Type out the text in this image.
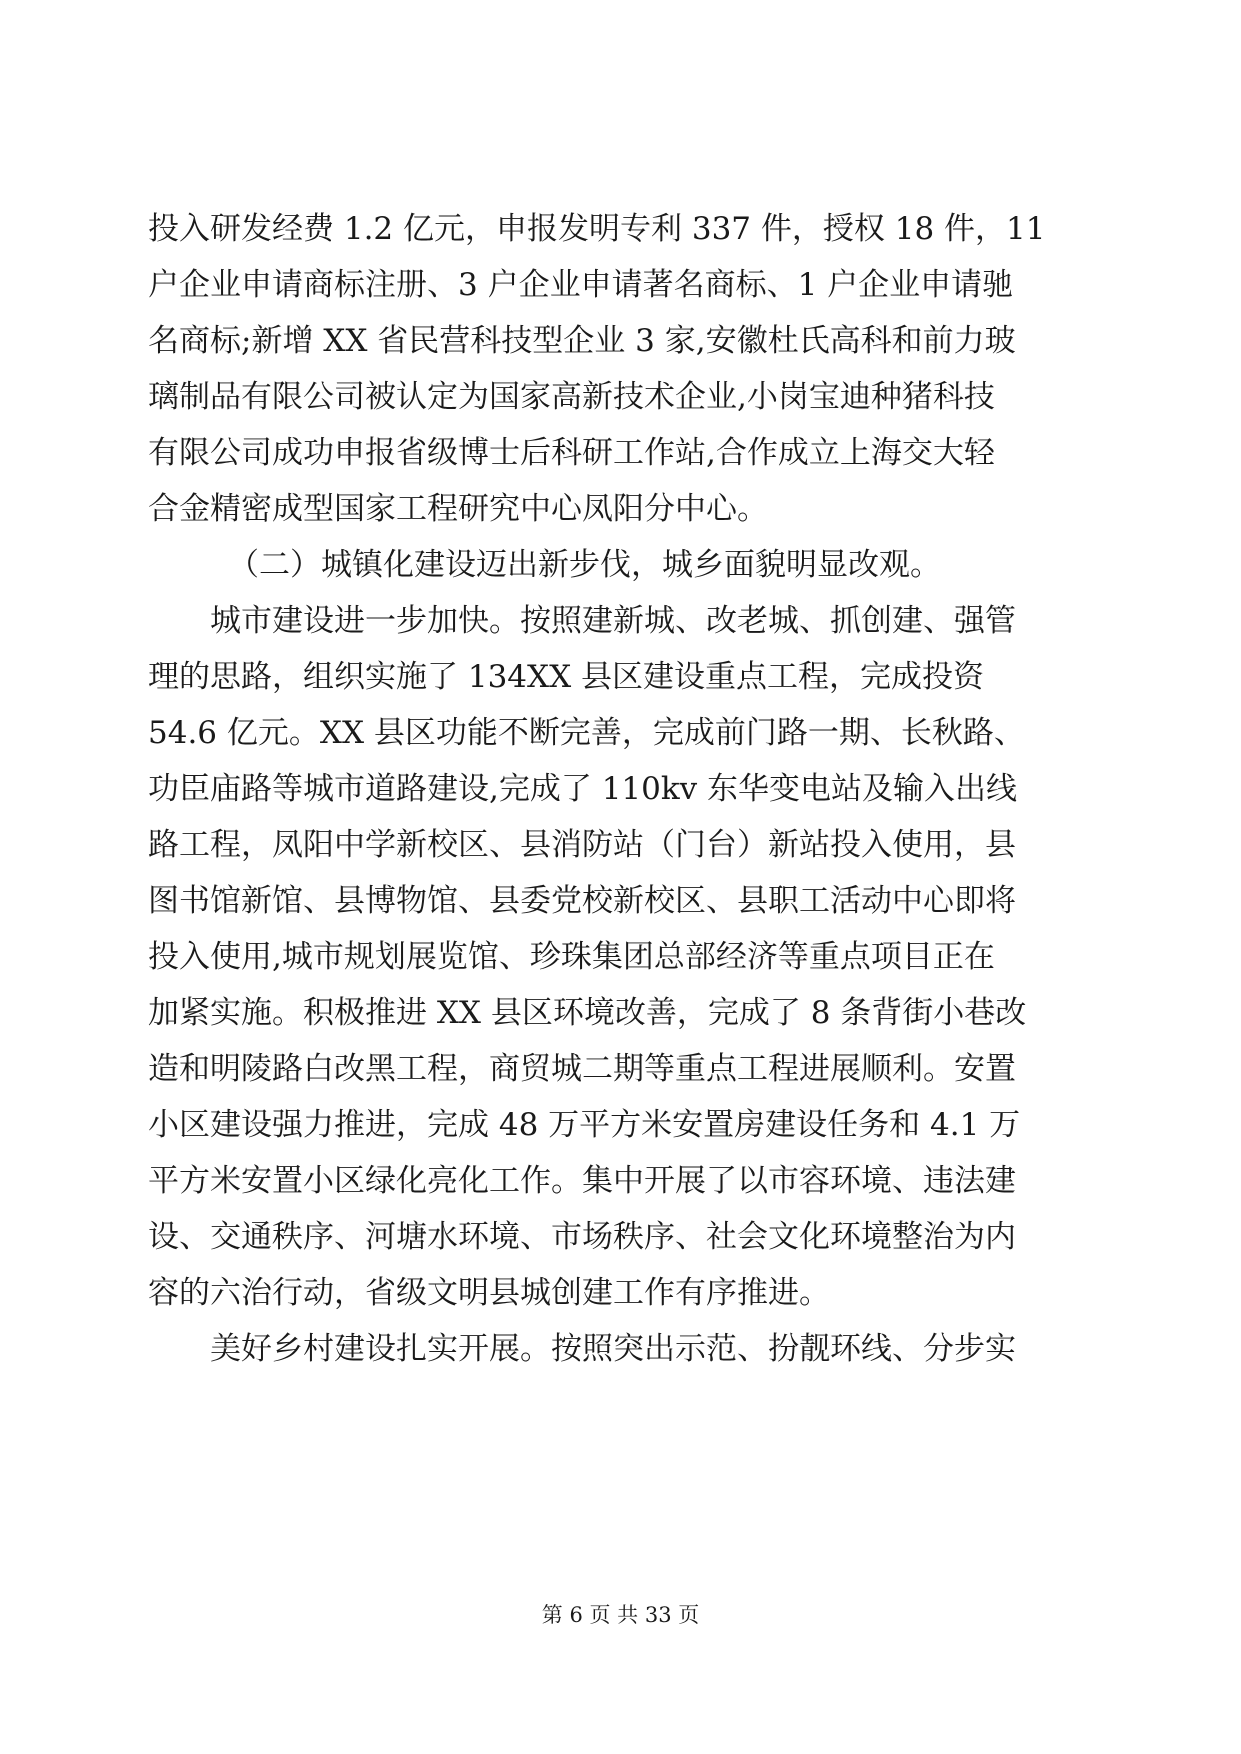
投入研发经费 1.2 亿元，申报发明专利 337 件，授权 18 件，11
户企业申请商标注册、3 户企业申请著名商标、1 户企业申请驰
名商标;新增 XX 省民营科技型企业 3 家,安徽杜氏高科和前力玻
璃制品有限公司被认定为国家高新技术企业,小岗宝迪种猪科技
有限公司成功申报省级博士后科研工作站,合作成立上海交大轻
合金精密成型国家工程研究中心凤阳分中心。
（二）城镇化建设迈出新步伐，城乡面貌明显改观。
城市建设进一步加快。按照建新城、改老城、抓创建、强管
理的思路，组织实施了 134XX 县区建设重点工程，完成投资
54.6 亿元。XX 县区功能不断完善，完成前门路一期、长秋路、
功臣庙路等城市道路建设,完成了 110kv 东华变电站及输入出线
路工程，凤阳中学新校区、县消防站（门台）新站投入使用，县
图书馆新馆、县博物馆、县委党校新校区、县职工活动中心即将
投入使用,城市规划展览馆、珍珠集团总部经济等重点项目正在
加紧实施。积极推进 XX 县区环境改善，完成了 8 条背街小巷改
造和明陵路白改黑工程，商贸城二期等重点工程进展顺利。安置
小区建设强力推进，完成 48 万平方米安置房建设任务和 4.1 万
平方米安置小区绿化亮化工作。集中开展了以市容环境、违法建
设、交通秩序、河塘水环境、市场秩序、社会文化环境整治为内
容的六治行动，省级文明县城创建工作有序推进。
美好乡村建设扎实开展。按照突出示范、扮靓环线、分步实
第 6 页 共 33 页
